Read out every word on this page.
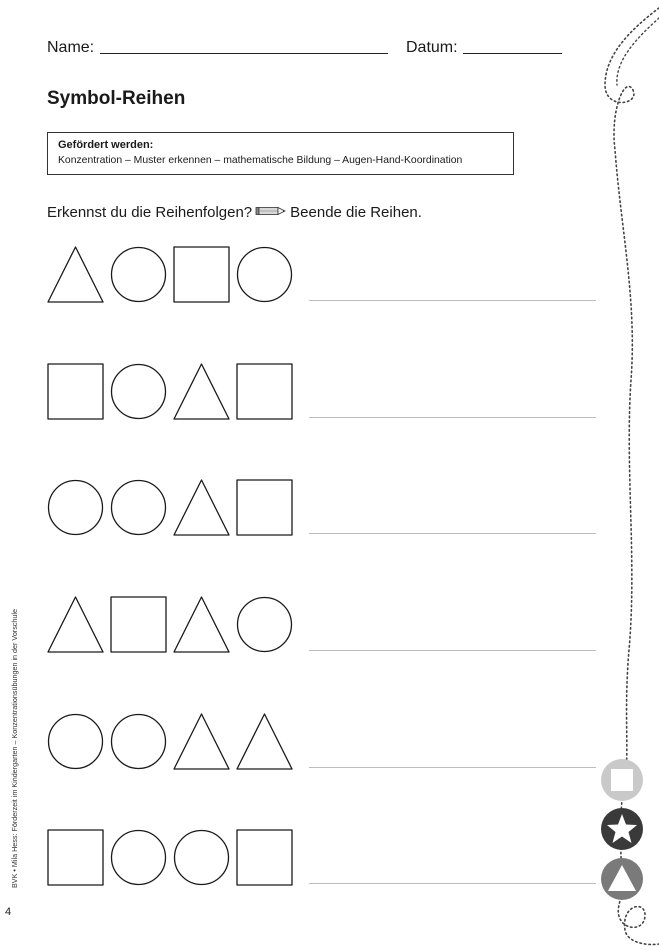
Name:	Datum:
Symbol-Reihen
Gefördert werden:
Konzentration – Muster erkennen – mathematische Bildung – Augen-Hand-Koordination
Erkennst du die Reihenfolgen?	Beende die Reihen.
BVK • Mila Hess: Förderzeit im Kindergarten – Konzentrationsübungen in der Vorschule
4
